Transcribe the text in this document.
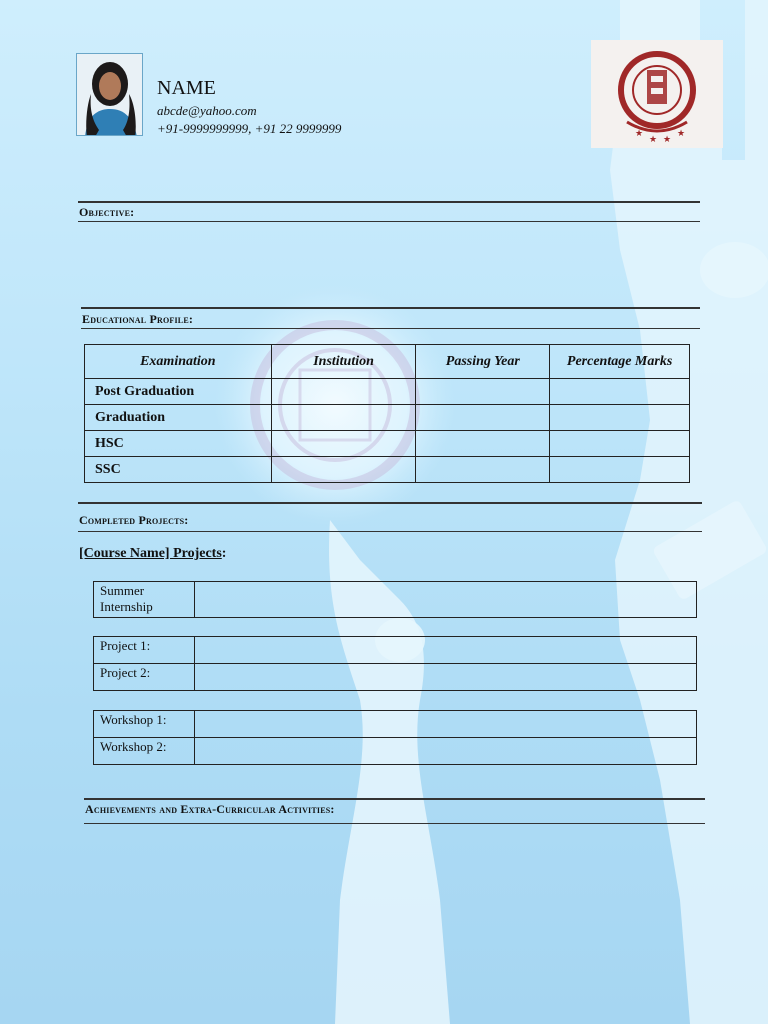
NAME
abcde@yahoo.com
+91-9999999999, +91 22 9999999	★
★ ★
★
Objective:
Educational Profile:
Examination	Institution	Passing Year	Percentage Marks
Post Graduation			
Graduation			
HSC			
SSC			
Completed Projects:
[Course Name] Projects:
Summer
Internship	
Project 1:	
Project 2:	
Workshop 1:	
Workshop 2:	
Achievements and Extra-Curricular Activities:
